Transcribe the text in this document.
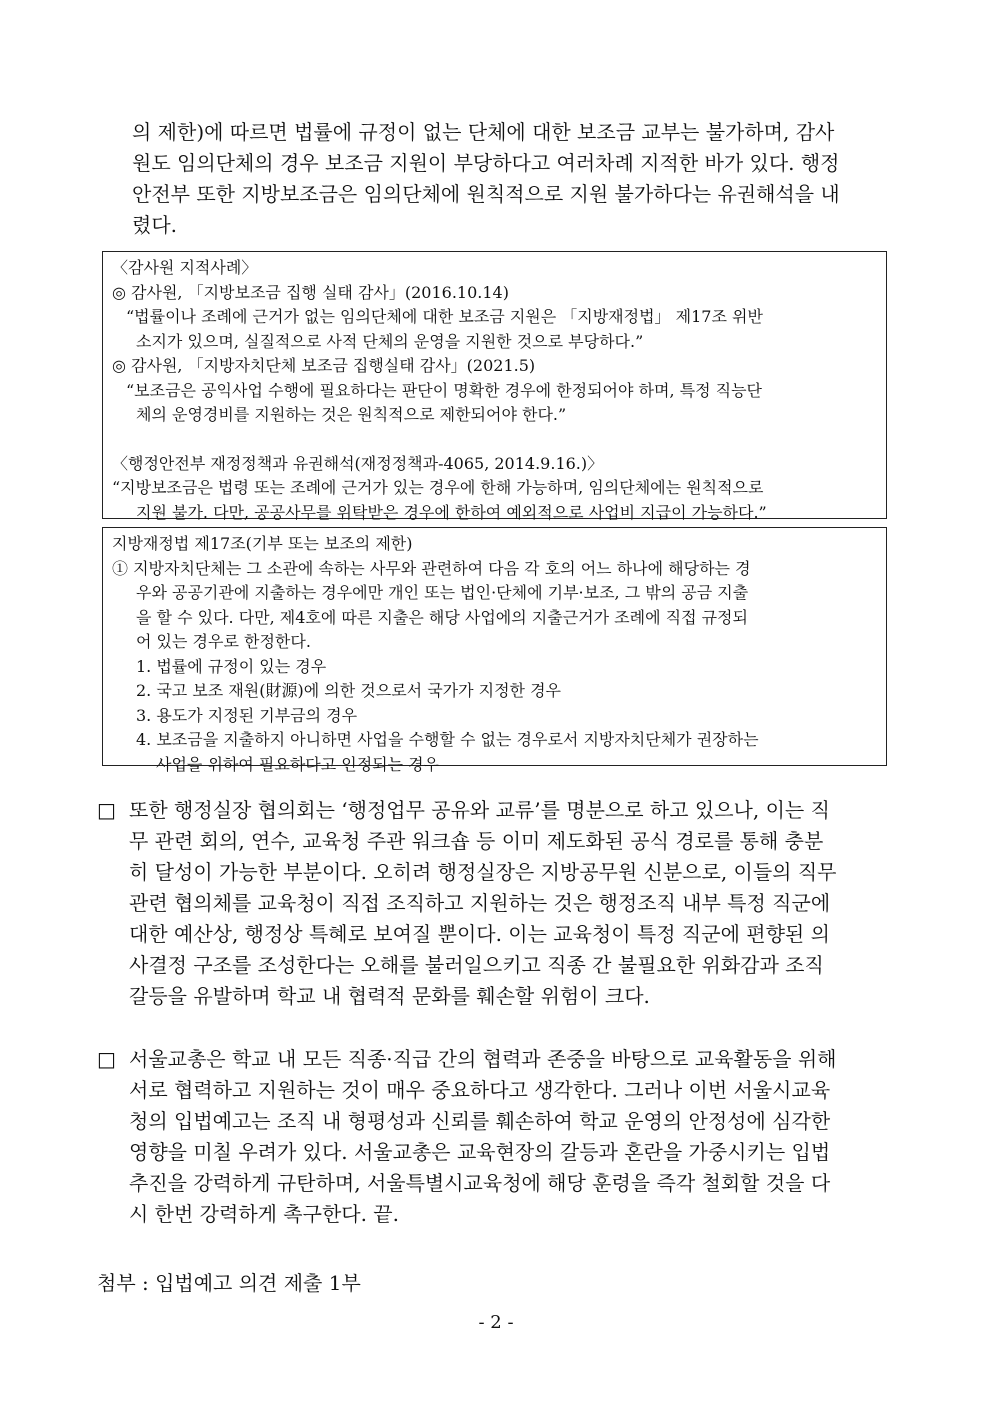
의 제한)에 따르면 법률에 규정이 없는 단체에 대한 보조금 교부는 불가하며, 감사
원도 임의단체의 경우 보조금 지원이 부당하다고 여러차례 지적한 바가 있다. 행정
안전부 또한 지방보조금은 임의단체에 원칙적으로 지원 불가하다는 유권해석을 내
렸다.
〈감사원 지적사례〉
◎ 감사원, 「지방보조금 집행 실태 감사」(2016.10.14)
“법률이나 조례에 근거가 없는 임의단체에 대한 보조금 지원은 「지방재정법」 제17조 위반
소지가 있으며, 실질적으로 사적 단체의 운영을 지원한 것으로 부당하다.”
◎ 감사원, 「지방자치단체 보조금 집행실태 감사」(2021.5)
“보조금은 공익사업 수행에 필요하다는 판단이 명확한 경우에 한정되어야 하며, 특정 직능단
체의 운영경비를 지원하는 것은 원칙적으로 제한되어야 한다.”
〈행정안전부 재정정책과 유권해석(재정정책과-4065, 2014.9.16.)〉
“지방보조금은 법령 또는 조례에 근거가 있는 경우에 한해 가능하며, 임의단체에는 원칙적으로
지원 불가. 다만, 공공사무를 위탁받은 경우에 한하여 예외적으로 사업비 지급이 가능하다.”
지방재정법 제17조(기부 또는 보조의 제한)
① 지방자치단체는 그 소관에 속하는 사무와 관련하여 다음 각 호의 어느 하나에 해당하는 경
우와 공공기관에 지출하는 경우에만 개인 또는 법인·단체에 기부·보조, 그 밖의 공금 지출
을 할 수 있다. 다만, 제4호에 따른 지출은 해당 사업에의 지출근거가 조례에 직접 규정되
어 있는 경우로 한정한다.
1. 법률에 규정이 있는 경우
2. 국고 보조 재원(財源)에 의한 것으로서 국가가 지정한 경우
3. 용도가 지정된 기부금의 경우
4. 보조금을 지출하지 아니하면 사업을 수행할 수 없는 경우로서 지방자치단체가 권장하는
사업을 위하여 필요하다고 인정되는 경우
□ 또한 행정실장 협의회는 ‘행정업무 공유와 교류’를 명분으로 하고 있으나, 이는 직
무 관련 회의, 연수, 교육청 주관 워크숍 등 이미 제도화된 공식 경로를 통해 충분
히 달성이 가능한 부분이다. 오히려 행정실장은 지방공무원 신분으로, 이들의 직무
관련 협의체를 교육청이 직접 조직하고 지원하는 것은 행정조직 내부 특정 직군에
대한 예산상, 행정상 특혜로 보여질 뿐이다. 이는 교육청이 특정 직군에 편향된 의
사결정 구조를 조성한다는 오해를 불러일으키고 직종 간 불필요한 위화감과 조직
갈등을 유발하며 학교 내 협력적 문화를 훼손할 위험이 크다.
□ 서울교총은 학교 내 모든 직종·직급 간의 협력과 존중을 바탕으로 교육활동을 위해
서로 협력하고 지원하는 것이 매우 중요하다고 생각한다. 그러나 이번 서울시교육
청의 입법예고는 조직 내 형평성과 신뢰를 훼손하여 학교 운영의 안정성에 심각한
영향을 미칠 우려가 있다. 서울교총은 교육현장의 갈등과 혼란을 가중시키는 입법
추진을 강력하게 규탄하며, 서울특별시교육청에 해당 훈령을 즉각 철회할 것을 다
시 한번 강력하게 촉구한다. 끝.
첨부 : 입법예고 의견 제출 1부
- 2 -
